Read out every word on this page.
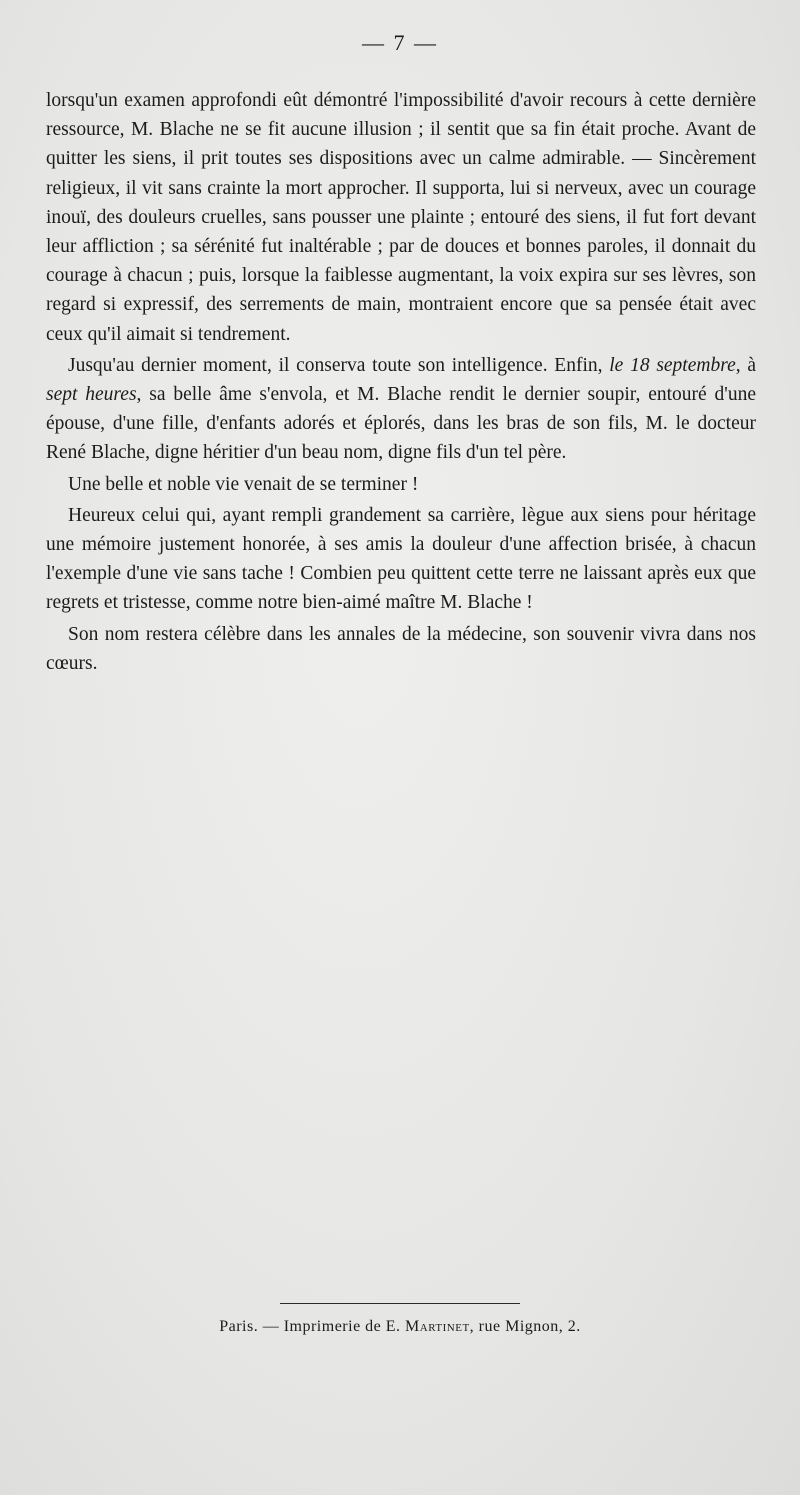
— 7 —

lorsqu'un examen approfondi eût démontré l'impossibilité d'avoir recours à cette dernière ressource, M. Blache ne se fit aucune illusion ; il sentit que sa fin était proche. Avant de quitter les siens, il prit toutes ses dispositions avec un calme admirable. — Sincèrement religieux, il vit sans crainte la mort approcher. Il supporta, lui si nerveux, avec un courage inouï, des douleurs cruelles, sans pousser une plainte ; entouré des siens, il fut fort devant leur affliction ; sa sérénité fut inaltérable ; par de douces et bonnes paroles, il donnait du courage à chacun ; puis, lorsque la faiblesse augmentant, la voix expira sur ses lèvres, son regard si expressif, des serrements de main, montraient encore que sa pensée était avec ceux qu'il aimait si tendrement.

Jusqu'au dernier moment, il conserva toute son intelligence. Enfin, le 18 septembre, à sept heures, sa belle âme s'envola, et M. Blache rendit le dernier soupir, entouré d'une épouse, d'une fille, d'enfants adorés et éplorés, dans les bras de son fils, M. le docteur René Blache, digne héritier d'un beau nom, digne fils d'un tel père.

Une belle et noble vie venait de se terminer !

Heureux celui qui, ayant rempli grandement sa carrière, lègue aux siens pour héritage une mémoire justement honorée, à ses amis la douleur d'une affection brisée, à chacun l'exemple d'une vie sans tache ! Combien peu quittent cette terre ne laissant après eux que regrets et tristesse, comme notre bien-aimé maître M. Blache !

Son nom restera célèbre dans les annales de la médecine, son souvenir vivra dans nos cœurs.

Paris. — Imprimerie de E. Martinet, rue Mignon, 2.
